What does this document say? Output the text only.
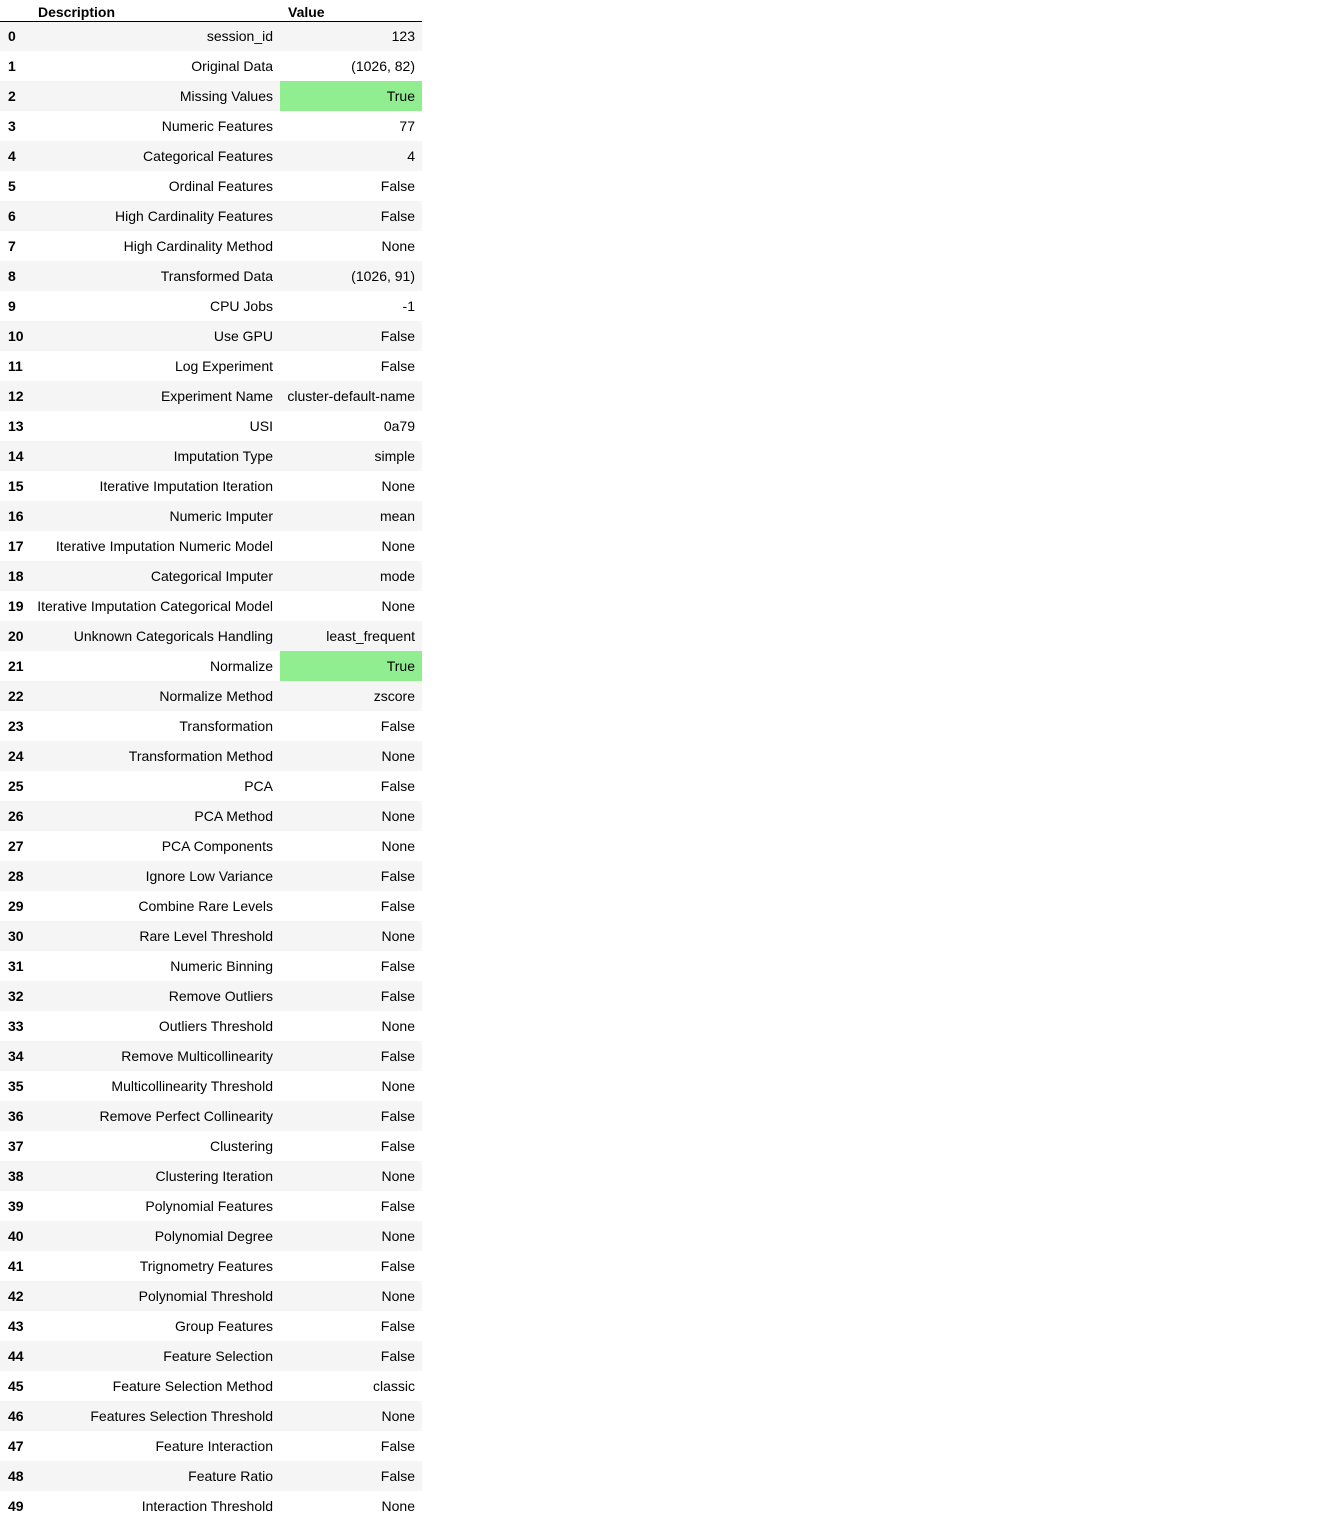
	Description	Value
0	session_id	123
1	Original Data	(1026, 82)
2	Missing Values	True
3	Numeric Features	77
4	Categorical Features	4
5	Ordinal Features	False
6	High Cardinality Features	False
7	High Cardinality Method	None
8	Transformed Data	(1026, 91)
9	CPU Jobs	-1
10	Use GPU	False
11	Log Experiment	False
12	Experiment Name	cluster-default-name
13	USI	0a79
14	Imputation Type	simple
15	Iterative Imputation Iteration	None
16	Numeric Imputer	mean
17	Iterative Imputation Numeric Model	None
18	Categorical Imputer	mode
19	Iterative Imputation Categorical Model	None
20	Unknown Categoricals Handling	least_frequent
21	Normalize	True
22	Normalize Method	zscore
23	Transformation	False
24	Transformation Method	None
25	PCA	False
26	PCA Method	None
27	PCA Components	None
28	Ignore Low Variance	False
29	Combine Rare Levels	False
30	Rare Level Threshold	None
31	Numeric Binning	False
32	Remove Outliers	False
33	Outliers Threshold	None
34	Remove Multicollinearity	False
35	Multicollinearity Threshold	None
36	Remove Perfect Collinearity	False
37	Clustering	False
38	Clustering Iteration	None
39	Polynomial Features	False
40	Polynomial Degree	None
41	Trignometry Features	False
42	Polynomial Threshold	None
43	Group Features	False
44	Feature Selection	False
45	Feature Selection Method	classic
46	Features Selection Threshold	None
47	Feature Interaction	False
48	Feature Ratio	False
49	Interaction Threshold	None
